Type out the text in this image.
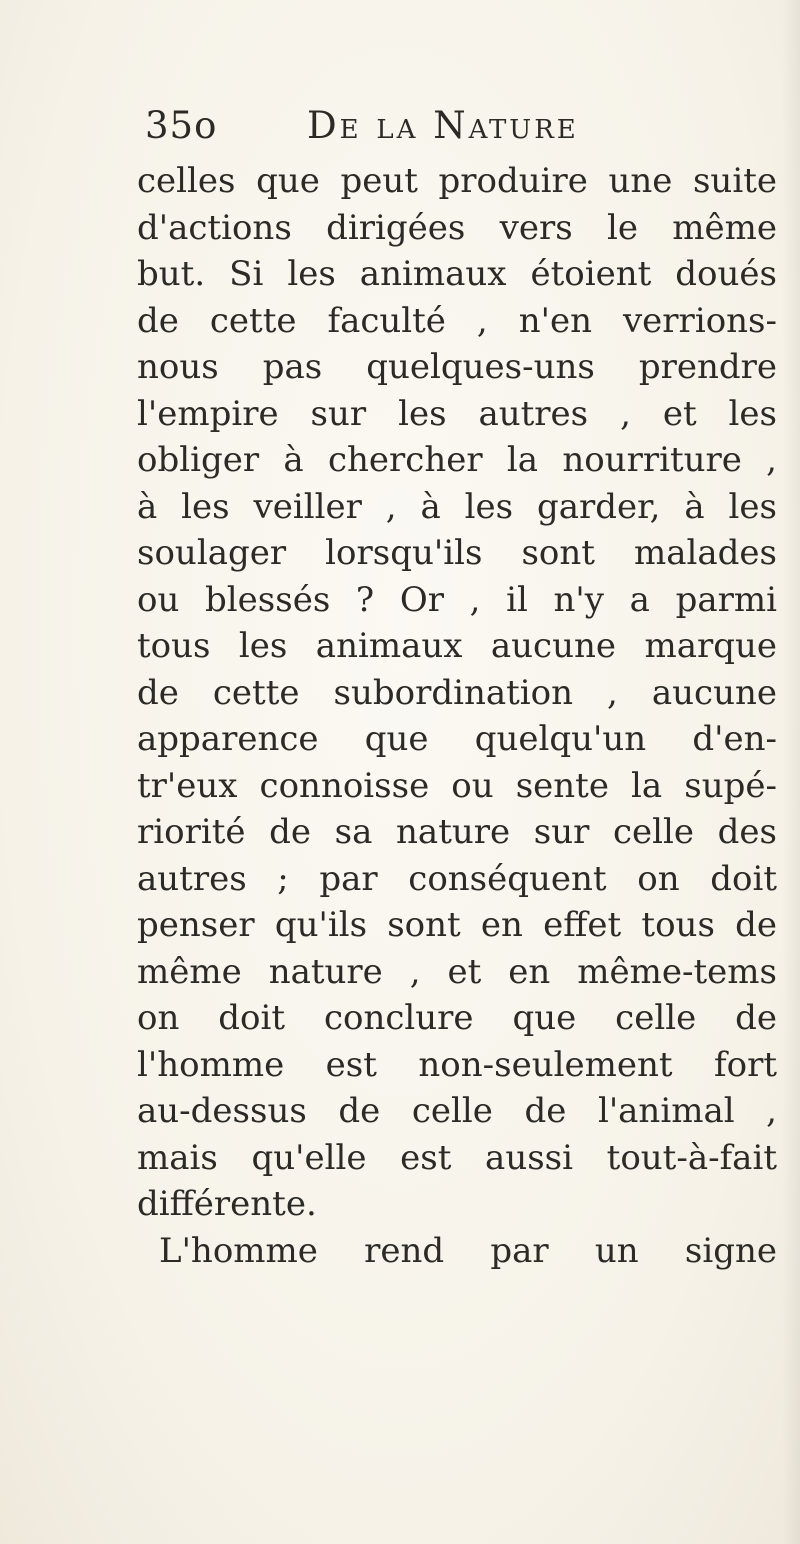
35o De la Nature
celles que peut produire une suite
d'actions dirigées vers le même
but. Si les animaux étoient doués
de cette faculté , n'en verrions-
nous pas quelques-uns prendre
l'empire sur les autres , et les
obliger à chercher la nourriture ,
à les veiller , à les garder, à les
soulager lorsqu'ils sont malades
ou blessés ? Or , il n'y a parmi
tous les animaux aucune marque
de cette subordination , aucune
apparence que quelqu'un d'en-
tr'eux connoisse ou sente la supé-
riorité de sa nature sur celle des
autres ; par conséquent on doit
penser qu'ils sont en effet tous de
même nature , et en même-tems
on doit conclure que celle de
l'homme est non-seulement fort
au-dessus de celle de l'animal ,
mais qu'elle est aussi tout-à-fait
différente.
L'homme rend par un signe
